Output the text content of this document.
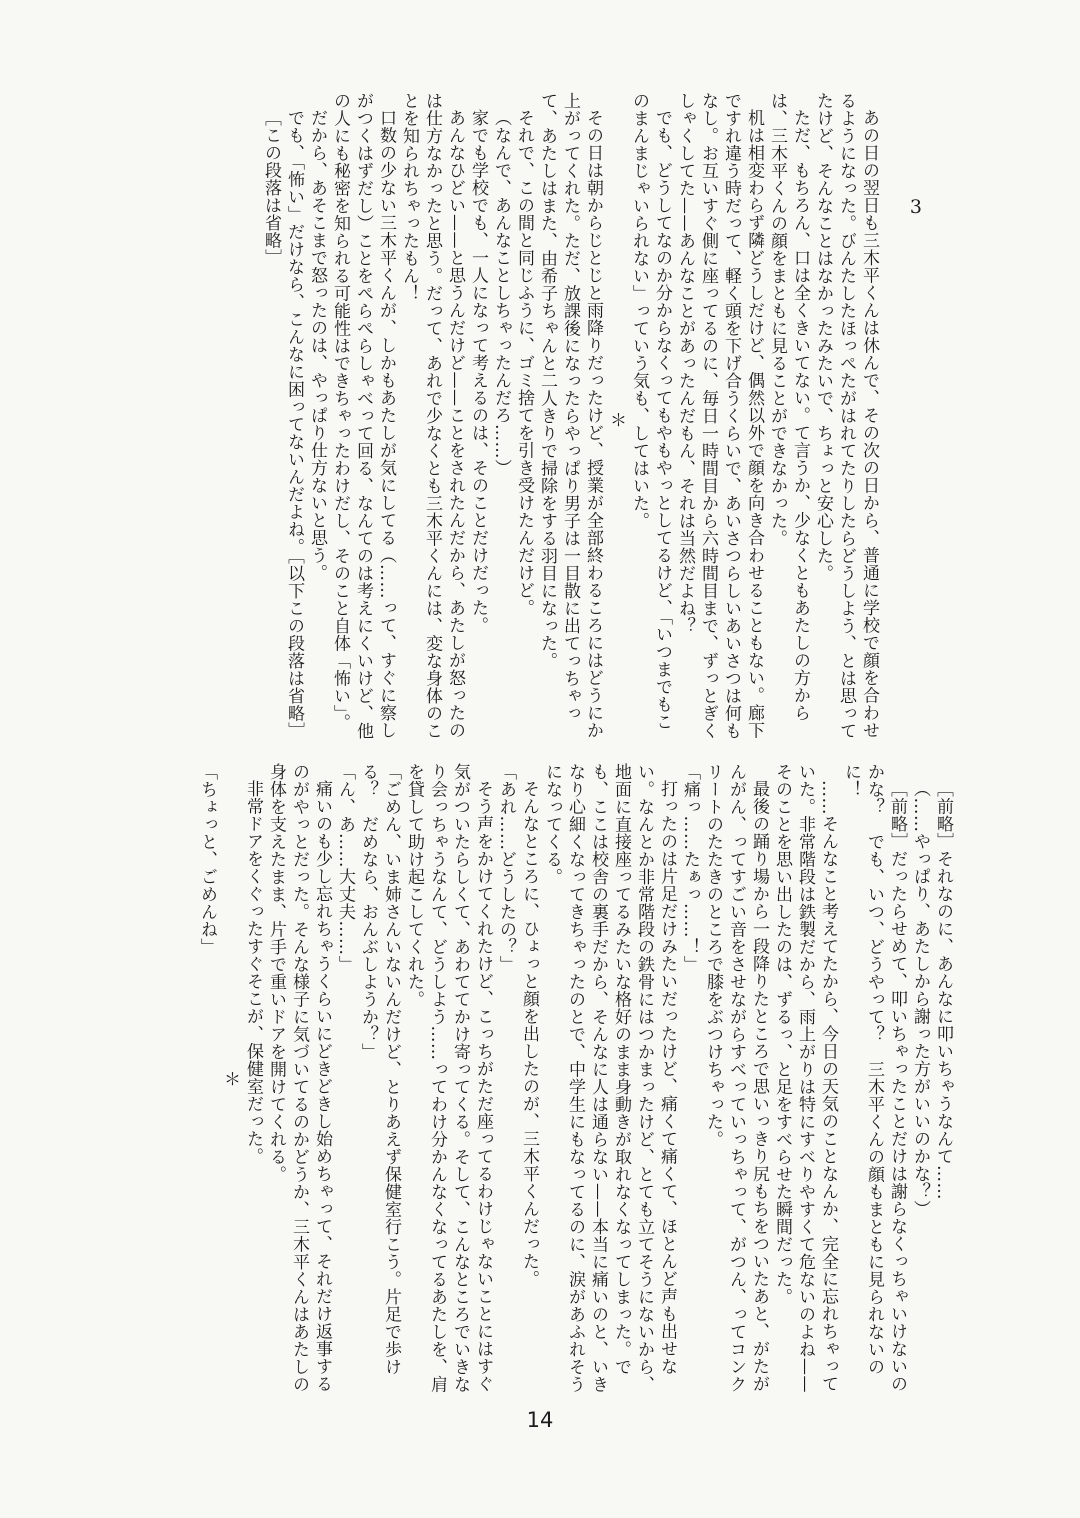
3

あの日の翌日も三木平くんは休んで、その次の日から、普通に学校で顔を合わせるようになった。びんたしたほっぺたがはれてたりしたらどうしよう、とは思ってたけど、そんなことはなかったみたいで、ちょっと安心した。

ただ、もちろん、口は全くきいてない。て言うか、少なくともあたしの方からは、三木平くんの顔をまともに見ることができなかった。

机は相変わらず隣どうしだけど、偶然以外で顔を向き合わせることもない。廊下ですれ違う時だって、軽く頭を下げ合うくらいで、あいさつらしいあいさつは何もなし。お互いすぐ側に座ってるのに、毎日一時間目から六時間目まで、ずっとぎくしゃくしてた——あんなことがあったんだもん、それは当然だよね？

でも、どうしてなのか分からなくってもやもやっとしてるけど、「いつまでもこのまんまじゃいられない」っていう気も、してはいた。

＊

その日は朝からじとじと雨降りだったけど、授業が全部終わるころにはどうにか上がってくれた。ただ、放課後になったらやっぱり男子は一目散に出てっちゃって、あたしはまた、由希子ちゃんと二人きりで掃除をする羽目になった。

それで、この間と同じふうに、ゴミ捨てを引き受けたんだけど。

（なんで、あんなことしちゃったんだろ……）

家でも学校でも、一人になって考えるのは、そのことだけだった。

あんなひどい——と思うんだけど——ことをされたんだから、あたしが怒ったのは仕方なかったと思う。だって、あれで少なくとも三木平くんには、変な身体のことを知られちゃったもん！

口数の少ない三木平くんが、しかもあたしが気にしてる（……って、すぐに察しがつくはずだし）ことをぺらぺらしゃべって回る、なんてのは考えにくいけど、他の人にも秘密を知られる可能性はできちゃったわけだし、そのこと自体「怖い」。

だから、あそこまで怒ったのは、やっぱり仕方ないと思う。

でも、「怖い」だけなら、こんなに困ってないんだよね。［以下この段落は省略］

［この段落は省略］

［前略］それなのに、あんなに叩いちゃうなんて……

（……やっぱり、あたしから謝った方がいいのかな？）

［前略］だったらせめて、叩いちゃったことだけは謝らなくっちゃいけないのかな？　でも、いつ、どうやって？　三木平くんの顔もまともに見られないのに！

……そんなこと考えてたから、今日の天気のことなんか、完全に忘れちゃっていた。非常階段は鉄製だから、雨上がりは特にすべりやすくて危ないのよね——そのことを思い出したのは、ずるっ、と足をすべらせた瞬間だった。

最後の踊り場から一段降りたところで思いっきり尻もちをついたあと、がたがんがん、ってすごい音をさせながらすべっていっちゃって、がつん、ってコンクリートのたたきのところで膝をぶつけちゃった。

「痛っ……たぁっ……！」

打ったのは片足だけみたいだったけど、痛くて痛くて、ほとんど声も出せない。なんとか非常階段の鉄骨にはつかまったけど、とても立てそうにないから、地面に直接座ってるみたいな格好のまま身動きが取れなくなってしまった。でも、ここは校舎の裏手だから、そんなに人は通らない——本当に痛いのと、いきなり心細くなってきちゃったのとで、中学生にもなってるのに、涙があふれそうになってくる。

そんなところに、ひょっと顔を出したのが、三木平くんだった。

「あれ……どうしたの？」

そう声をかけてくれたけど、こっちがただ座ってるわけじゃないことにはすぐ気がついたらしくて、あわててかけ寄ってくる。そして、こんなところでいきなり会っちゃうなんて、どうしよう……ってわけ分かんなくなってるあたしを、肩を貸して助け起こしてくれた。

「ごめん、いま姉さんいないんだけど、とりあえず保健室行こう。片足で歩ける？　だめなら、おんぶしようか？」

「ん、あ……大丈夫……」

痛いのも少し忘れちゃうくらいにどきどきし始めちゃって、それだけ返事するのがやっとだった。そんな様子に気づいてるのかどうか、三木平くんはあたしの身体を支えたまま、片手で重いドアを開けてくれる。

非常ドアをくぐったすぐそこが、保健室だった。

＊

「ちょっと、ごめんね」

14
